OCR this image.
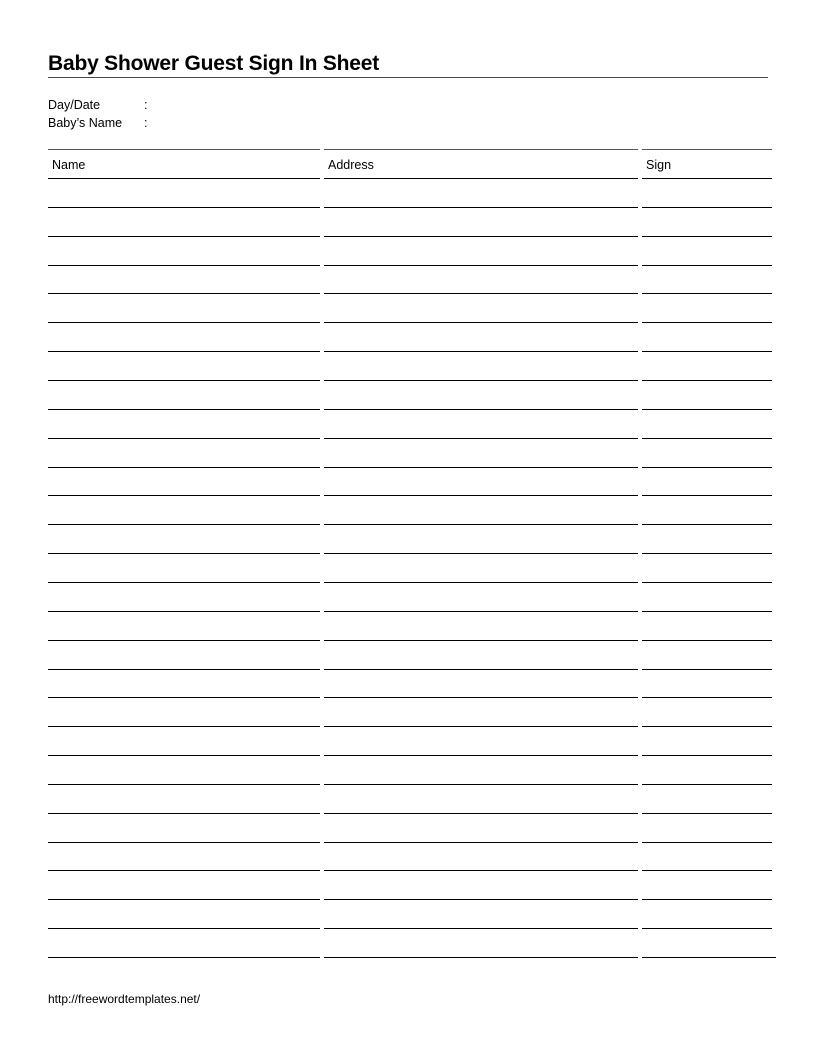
Baby Shower Guest Sign In Sheet
Day/Date	:
Baby’s Name :
Name	Address	Sign
http://freewordtemplates.net/
